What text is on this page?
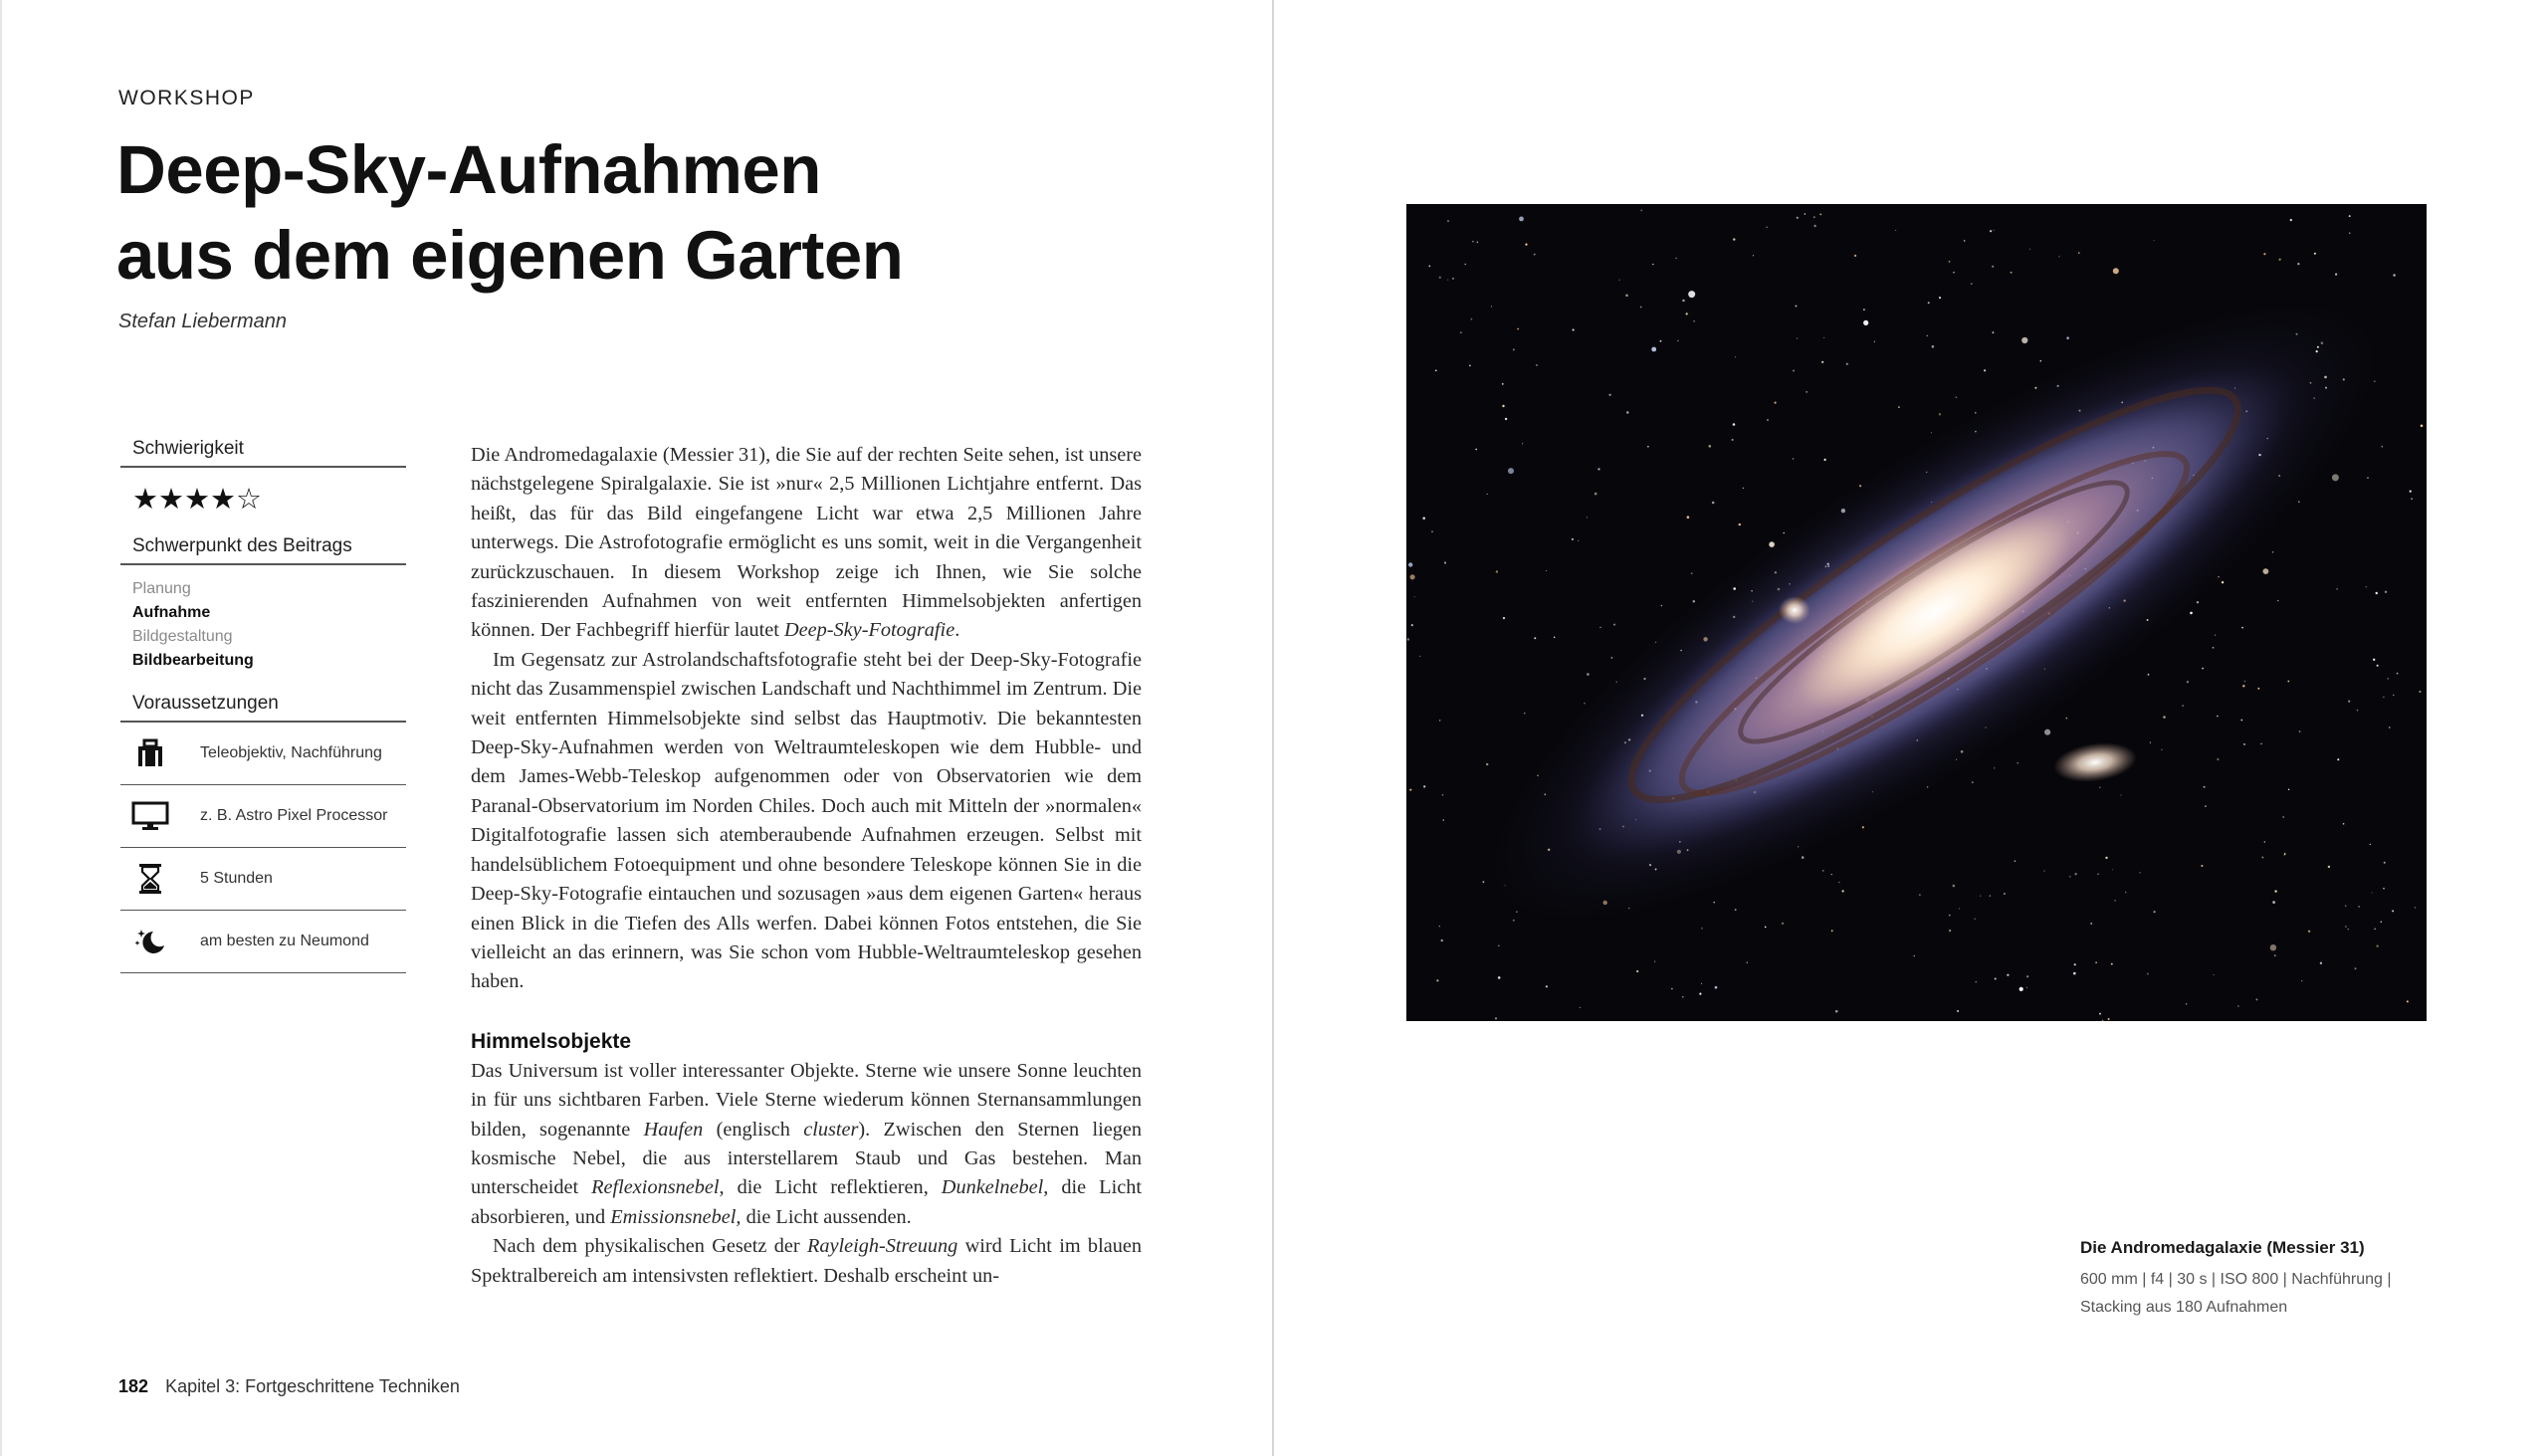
WORKSHOP
Deep-Sky-Aufnahmen
aus dem eigenen Garten
Stefan Liebermann
Schwierigkeit
★★★★☆
Schwerpunkt des Beitrags
Planung
Aufnahme
Bildgestaltung
Bildbearbeitung
Voraussetzungen
Teleobjektiv, Nachführung
z. B. Astro Pixel Processor
5 Stunden
am besten zu Neumond

Die Andromedagalaxie (Messier 31), die Sie auf der rechten Seite sehen, ist unsere nächstgelegene Spiralgalaxie. Sie ist »nur« 2,5 Millionen Lichtjahre entfernt. Das heißt, das für das Bild eingefangene Licht war etwa 2,5 Millionen Jahre unterwegs. Die Astrofotografie ermöglicht es uns somit, weit in die Vergangenheit zurückzuschauen. In diesem Workshop zeige ich Ihnen, wie Sie solche faszinierenden Aufnahmen von weit entfernten Himmelsobjekten anfertigen können. Der Fachbegriff hierfür lautet Deep-Sky-Fotografie.

Im Gegensatz zur Astrolandschaftsfotografie steht bei der Deep-Sky-Fotografie nicht das Zusammenspiel zwischen Landschaft und Nachthimmel im Zentrum. Die weit entfernten Himmelsobjekte sind selbst das Hauptmotiv. Die bekanntesten Deep-Sky-Aufnahmen werden von Weltraumteleskopen wie dem Hubble- und dem James-Webb-Teleskop aufgenommen oder von Observatorien wie dem Paranal-Observatorium im Norden Chiles. Doch auch mit Mitteln der »normalen« Digitalfotografie lassen sich atemberaubende Aufnahmen erzeugen. Selbst mit handelsüblichem Fotoequipment und ohne besondere Teleskope können Sie in die Deep-Sky-Fotografie eintauchen und sozusagen »aus dem eigenen Garten« heraus einen Blick in die Tiefen des Alls werfen. Dabei können Fotos entstehen, die Sie vielleicht an das erinnern, was Sie schon vom Hubble-Weltraumteleskop gesehen haben.

Himmelsobjekte

Das Universum ist voller interessanter Objekte. Sterne wie unsere Sonne leuchten in für uns sichtbaren Farben. Viele Sterne wiederum können Sternansammlungen bilden, sogenannte Haufen (englisch cluster). Zwischen den Sternen liegen kosmische Nebel, die aus interstellarem Staub und Gas bestehen. Man unterscheidet Reflexionsnebel, die Licht reflektieren, Dunkelnebel, die Licht absorbieren, und Emissionsnebel, die Licht aussenden.

Nach dem physikalischen Gesetz der Rayleigh-Streuung wird Licht im blauen Spektralbereich am intensivsten reflektiert. Deshalb erscheint un-

182 Kapitel 3: Fortgeschrittene Techniken
Die Andromedagalaxie (Messier 31)
600 mm | f4 | 30 s | ISO 800 | Nachführung | Stacking aus 180 Aufnahmen
